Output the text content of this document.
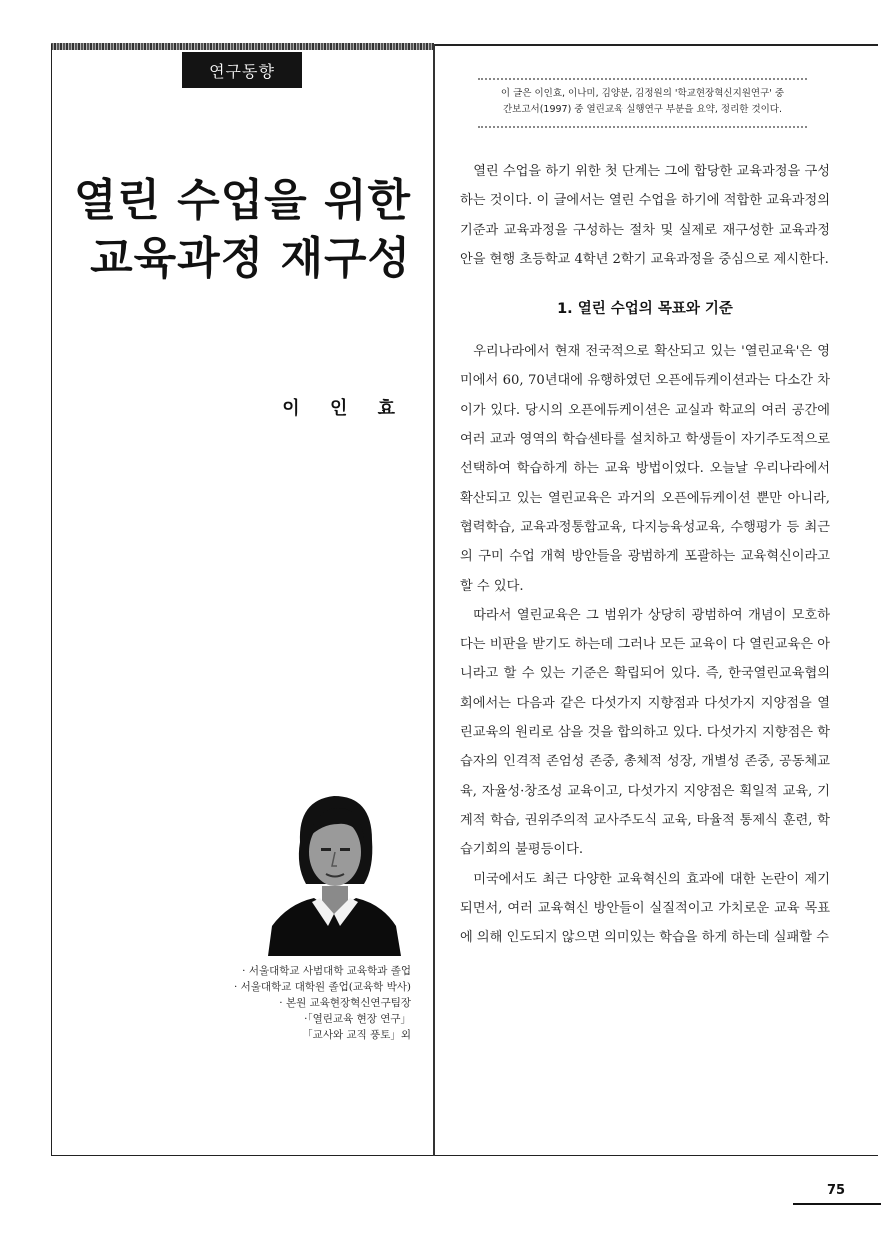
연구동향
열린 수업을 위한
교육과정 재구성
이 인 효
· 서울대학교 사범대학 교육학과 졸업
· 서울대학교 대학원 졸업(교육학 박사)
· 본원 교육현장혁신연구팀장
·「열린교육 현장 연구」
「교사와 교직 풍토」외
이 글은 이인효, 이나미, 김양분, 김정원의 '학교현장혁신지원연구' 중
간보고서(1997) 중 열린교육 실행연구 부분을 요약, 정리한 것이다.

열린 수업을 하기 위한 첫 단계는 그에 합당한 교육과정을 구성하는 것이다. 이 글에서는 열린 수업을 하기에 적합한 교육과정의 기준과 교육과정을 구성하는 절차 및 실제로 재구성한 교육과정안을 현행 초등학교 4학년 2학기 교육과정을 중심으로 제시한다.

1. 열린 수업의 목표와 기준

우리나라에서 현재 전국적으로 확산되고 있는 '열린교육'은 영미에서 60, 70년대에 유행하였던 오픈에듀케이션과는 다소간 차이가 있다. 당시의 오픈에듀케이션은 교실과 학교의 여러 공간에 여러 교과 영역의 학습센타를 설치하고 학생들이 자기주도적으로 선택하여 학습하게 하는 교육 방법이었다. 오늘날 우리나라에서 확산되고 있는 열린교육은 과거의 오픈에듀케이션 뿐만 아니라, 협력학습, 교육과정통합교육, 다지능육성교육, 수행평가 등 최근의 구미 수업 개혁 방안들을 광범하게 포괄하는 교육혁신이라고 할 수 있다.

따라서 열린교육은 그 범위가 상당히 광범하여 개념이 모호하다는 비판을 받기도 하는데 그러나 모든 교육이 다 열린교육은 아니라고 할 수 있는 기준은 확립되어 있다. 즉, 한국열린교육협의회에서는 다음과 같은 다섯가지 지향점과 다섯가지 지양점을 열린교육의 원리로 삼을 것을 합의하고 있다. 다섯가지 지향점은 학습자의 인격적 존엄성 존중, 총체적 성장, 개별성 존중, 공동체교육, 자율성·창조성 교육이고, 다섯가지 지양점은 획일적 교육, 기계적 학습, 권위주의적 교사주도식 교육, 타율적 통제식 훈련, 학습기회의 불평등이다.

미국에서도 최근 다양한 교육혁신의 효과에 대한 논란이 제기되면서, 여러 교육혁신 방안들이 실질적이고 가치로운 교육 목표에 의해 인도되지 않으면 의미있는 학습을 하게 하는데 실패할 수

75
